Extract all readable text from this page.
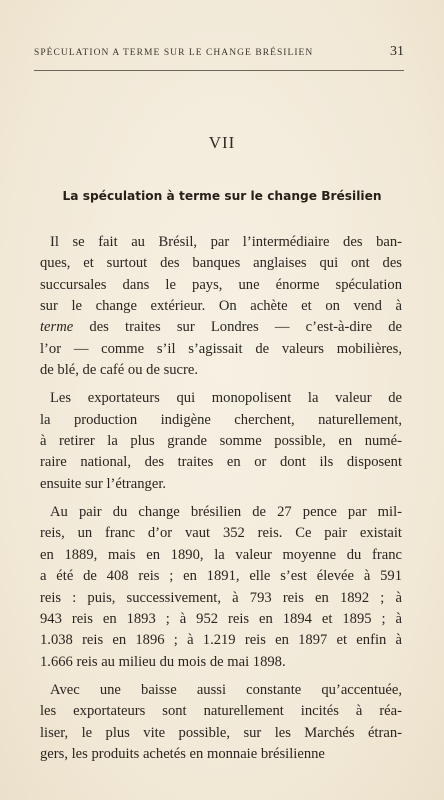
SPÉCULATION A TERME SUR LE CHANGE BRÉSILIEN	31
VII
La spéculation à terme sur le change Brésilien
Il se fait au Brésil, par l’intermédiaire des ban-
ques, et surtout des banques anglaises qui ont des
succursales dans le pays, une énorme spéculation
sur le change extérieur. On achète et on vend à
terme des traites sur Londres — c’est-à-dire de
l’or — comme s’il s’agissait de valeurs mobilières,
de blé, de café ou de sucre.
Les exportateurs qui monopolisent la valeur de
la production indigène cherchent, naturellement,
à retirer la plus grande somme possible, en numé-
raire national, des traites en or dont ils disposent
ensuite sur l’étranger.
Au pair du change brésilien de 27 pence par mil-
reis, un franc d’or vaut 352 reis. Ce pair existait
en 1889, mais en 1890, la valeur moyenne du franc
a été de 408 reis ; en 1891, elle s’est élevée à 591
reis : puis, successivement, à 793 reis en 1892 ; à
943 reis en 1893 ; à 952 reis en 1894 et 1895 ; à
1.038 reis en 1896 ; à 1.219 reis en 1897 et enfin à
1.666 reis au milieu du mois de mai 1898.
Avec une baisse aussi constante qu’accentuée,
les exportateurs sont naturellement incités à réa-
liser, le plus vite possible, sur les Marchés étran-
gers, les produits achetés en monnaie brésilienne
